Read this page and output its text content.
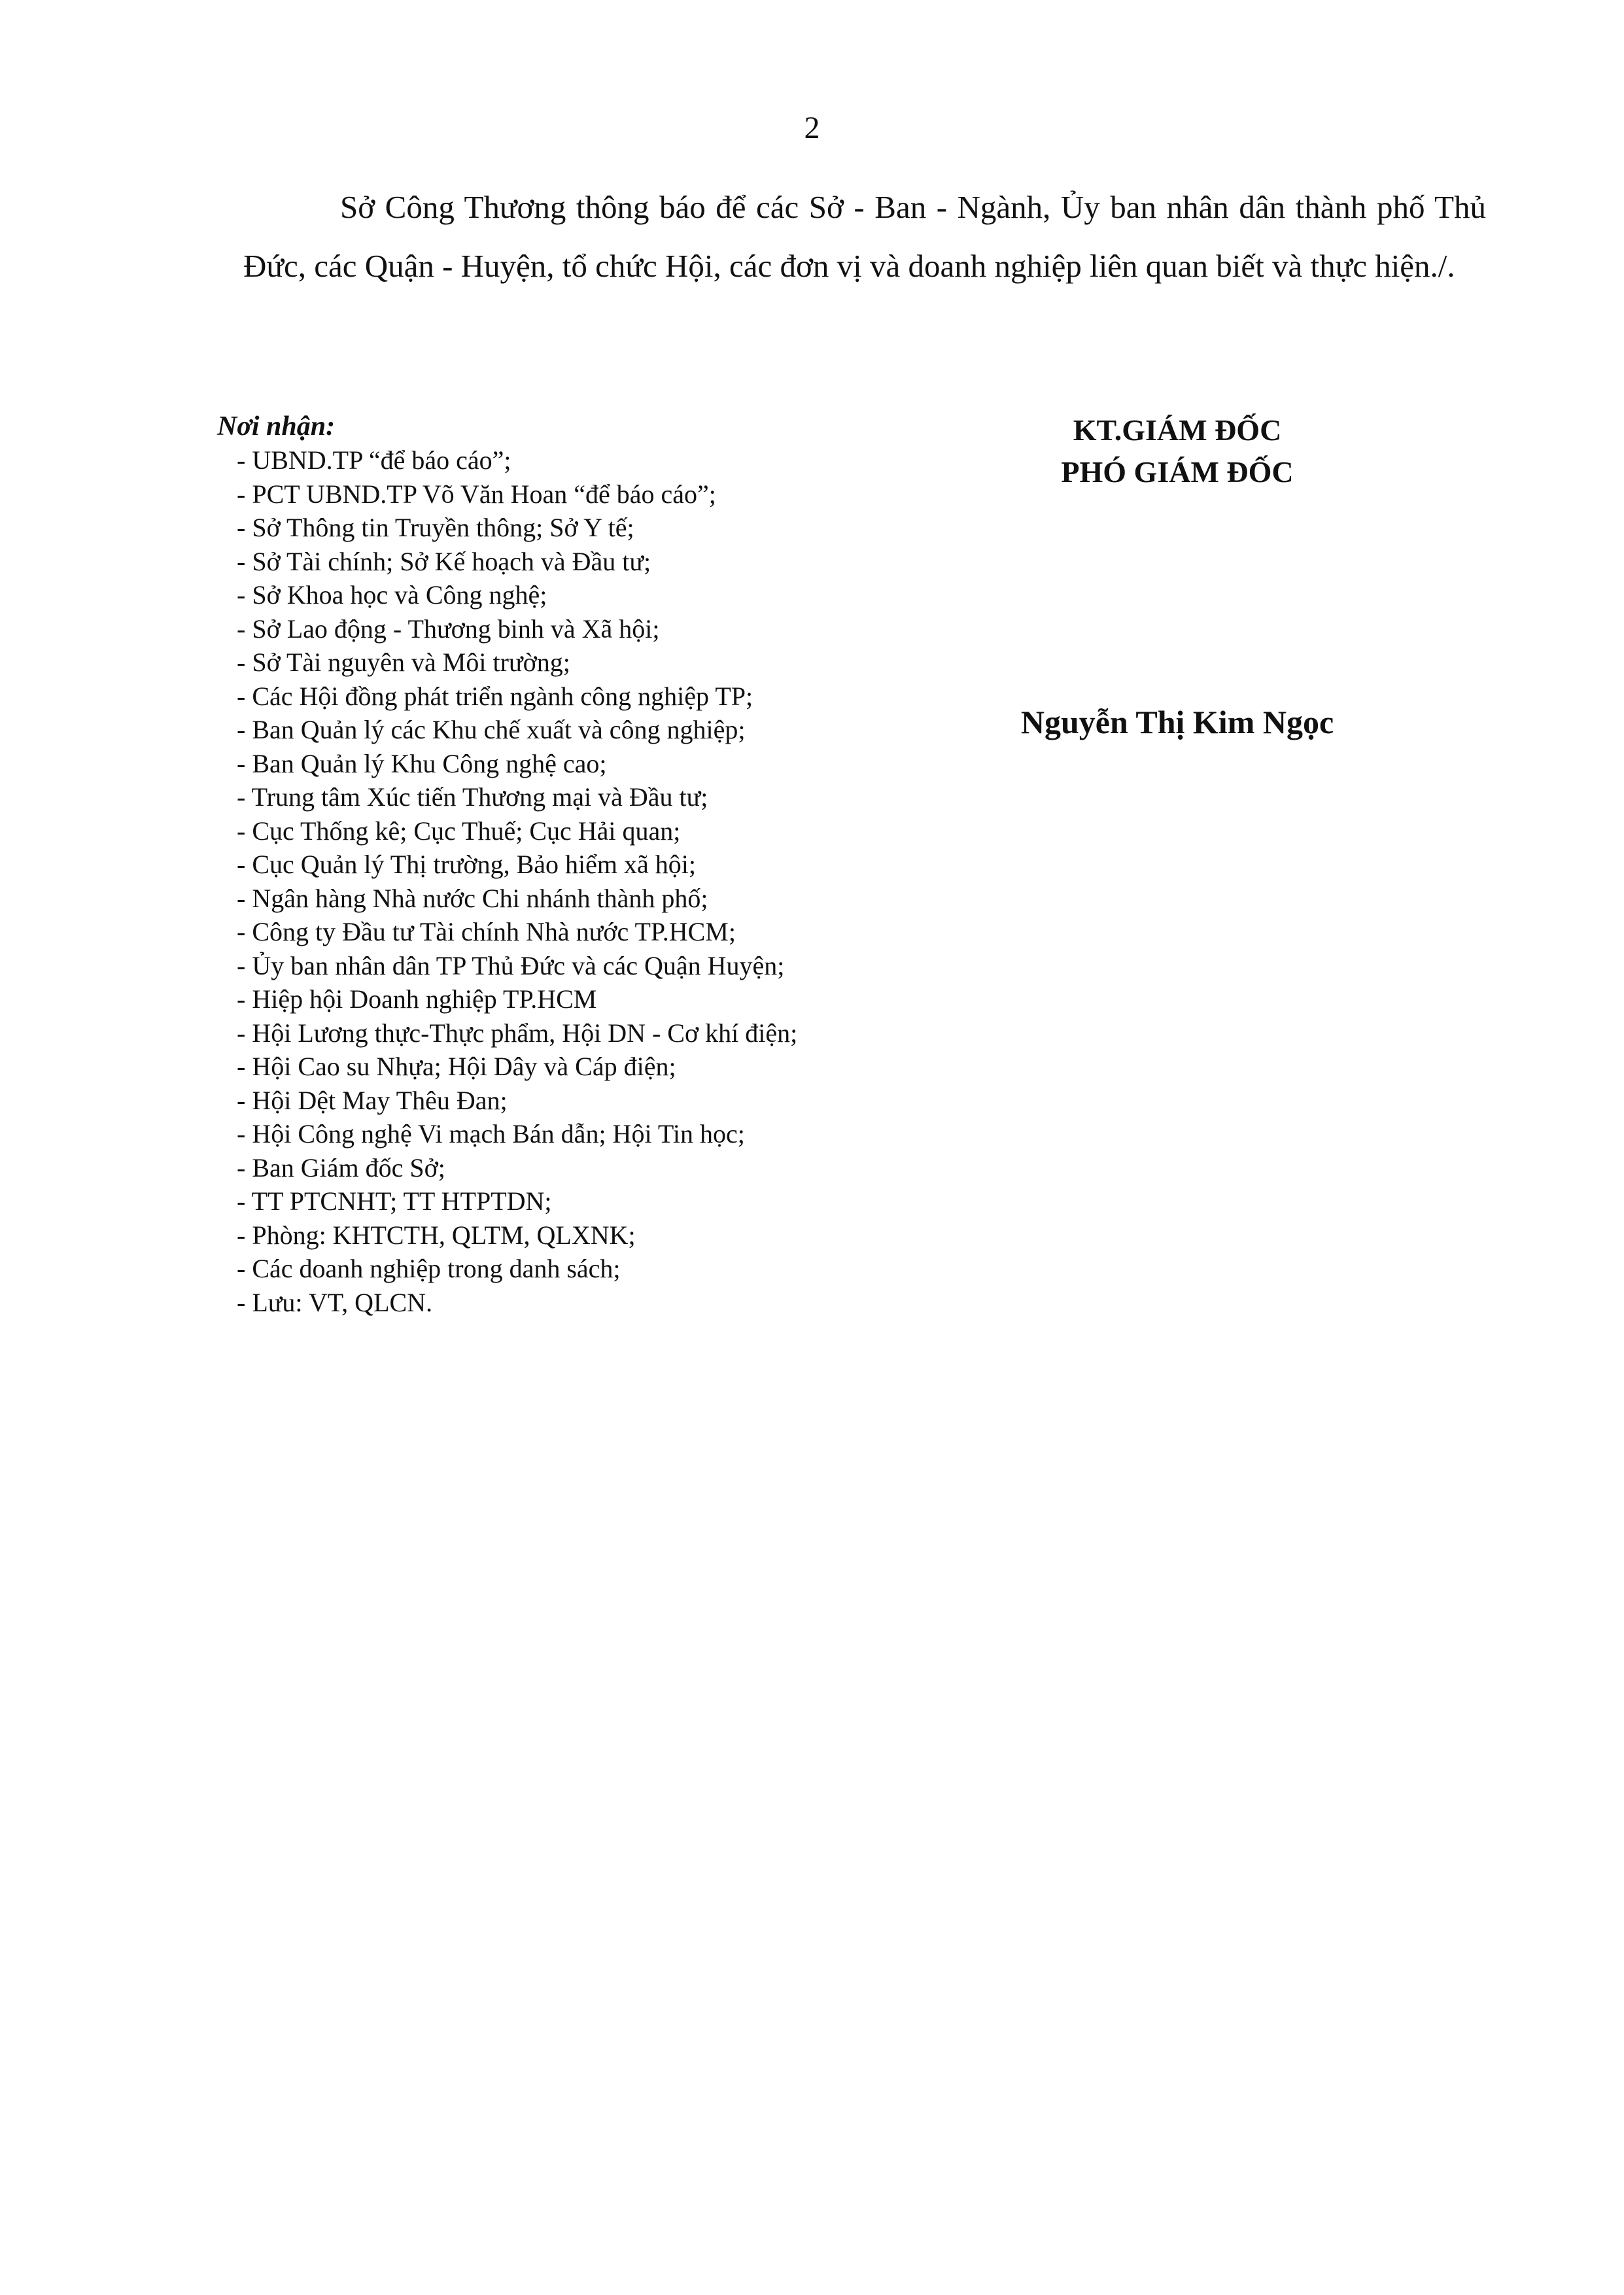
2

Sở Công Thương thông báo để các Sở - Ban - Ngành, Ủy ban nhân dân thành phố Thủ Đức, các Quận - Huyện, tổ chức Hội, các đơn vị và doanh nghiệp liên quan biết và thực hiện./.

Nơi nhận:
- UBND.TP “để báo cáo”;
- PCT UBND.TP Võ Văn Hoan “để báo cáo”;
- Sở Thông tin Truyền thông; Sở Y tế;
- Sở Tài chính; Sở Kế hoạch và Đầu tư;
- Sở Khoa học và Công nghệ;
- Sở Lao động - Thương binh và Xã hội;
- Sở Tài nguyên và Môi trường;
- Các Hội đồng phát triển ngành công nghiệp TP;
- Ban Quản lý các Khu chế xuất và công nghiệp;
- Ban Quản lý Khu Công nghệ cao;
- Trung tâm Xúc tiến Thương mại và Đầu tư;
- Cục Thống kê; Cục Thuế; Cục Hải quan;
- Cục Quản lý Thị trường, Bảo hiểm xã hội;
- Ngân hàng Nhà nước Chi nhánh thành phố;
- Công ty Đầu tư Tài chính Nhà nước TP.HCM;
- Ủy ban nhân dân TP Thủ Đức và các Quận Huyện;
- Hiệp hội Doanh nghiệp TP.HCM
- Hội Lương thực-Thực phẩm, Hội DN - Cơ khí điện;
- Hội Cao su Nhựa; Hội Dây và Cáp điện;
- Hội Dệt May Thêu Đan;
- Hội Công nghệ Vi mạch Bán dẫn; Hội Tin học;
- Ban Giám đốc Sở;
- TT PTCNHT; TT HTPTDN;
- Phòng: KHTCTH, QLTM, QLXNK;
- Các doanh nghiệp trong danh sách;
- Lưu: VT, QLCN.
KT.GIÁM ĐỐC
PHÓ GIÁM ĐỐC
Nguyễn Thị Kim Ngọc
